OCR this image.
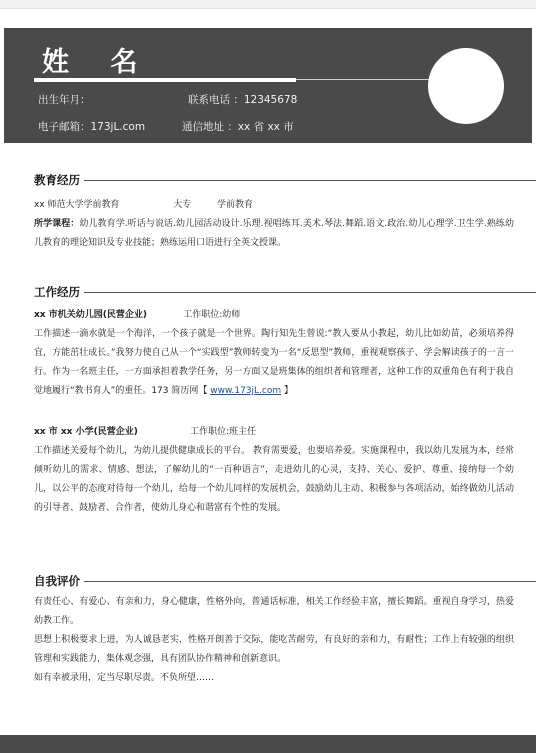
姓 名
出生年月：	联系电话 ：12345678
电子邮箱：173jL.com	通信地址 ：xx 省 xx 市
教育经历
xx 师范大学学前教育	大专	学前教育
所学课程：幼儿教育学.听话与说话.幼儿园活动设计.乐理.视唱练耳.美术.琴法.舞蹈.语文.政治.幼儿心理学.卫生学.熟练幼儿教育的理论知识及专业技能；熟练运用口语进行全英文授课。
工作经历
xx 市机关幼儿园(民营企业)	工作职位:幼师
工作描述一滴水就是一个海洋，一个孩子就是一个世界。陶行知先生曾说:“教人要从小教起，幼儿比如幼苗，必须培养得宜，方能茁壮成长。”我努力使自己从一个“实践型”教师转变为一名“反思型”教师，重视观察孩子、学会解读孩子的一言一行。作为一名班主任，一方面承担着教学任务，另一方面又是班集体的组织者和管理者，这种工作的双重角色有利于我自觉地履行“教书育人”的重任。173 简历网【 www.173jL.com 】
xx 市 xx 小学(民营企业)	工作职位:班主任
工作描述关爱每个幼儿，为幼儿提供健康成长的平台。 教育需要爱，也要培养爱。实施课程中，我以幼儿发展为本，经常倾听幼儿的需求、情感、想法，了解幼儿的“一百种语言”，走进幼儿的心灵，支持、关心、爱护、尊重、接纳每一个幼儿，以公平的态度对待每一个幼儿，给每一个幼儿同样的发展机会，鼓励幼儿主动、积极参与各项活动，始终做幼儿活动的引导者、鼓励者、合作者，使幼儿身心和谐富有个性的发展。
自我评价
有责任心、有爱心、有亲和力，身心健康，性格外向，普通话标准，相关工作经验丰富，擅长舞蹈。重视自身学习，热爱幼教工作。
思想上积极要求上进，为人诚恳老实，性格开朗善于交际，能吃苦耐劳，有良好的亲和力，有耐性；工作上有较强的组织管理和实践能力，集体观念强，具有团队协作精神和创新意识。
如有幸被录用，定当尽职尽责。不负所望……
